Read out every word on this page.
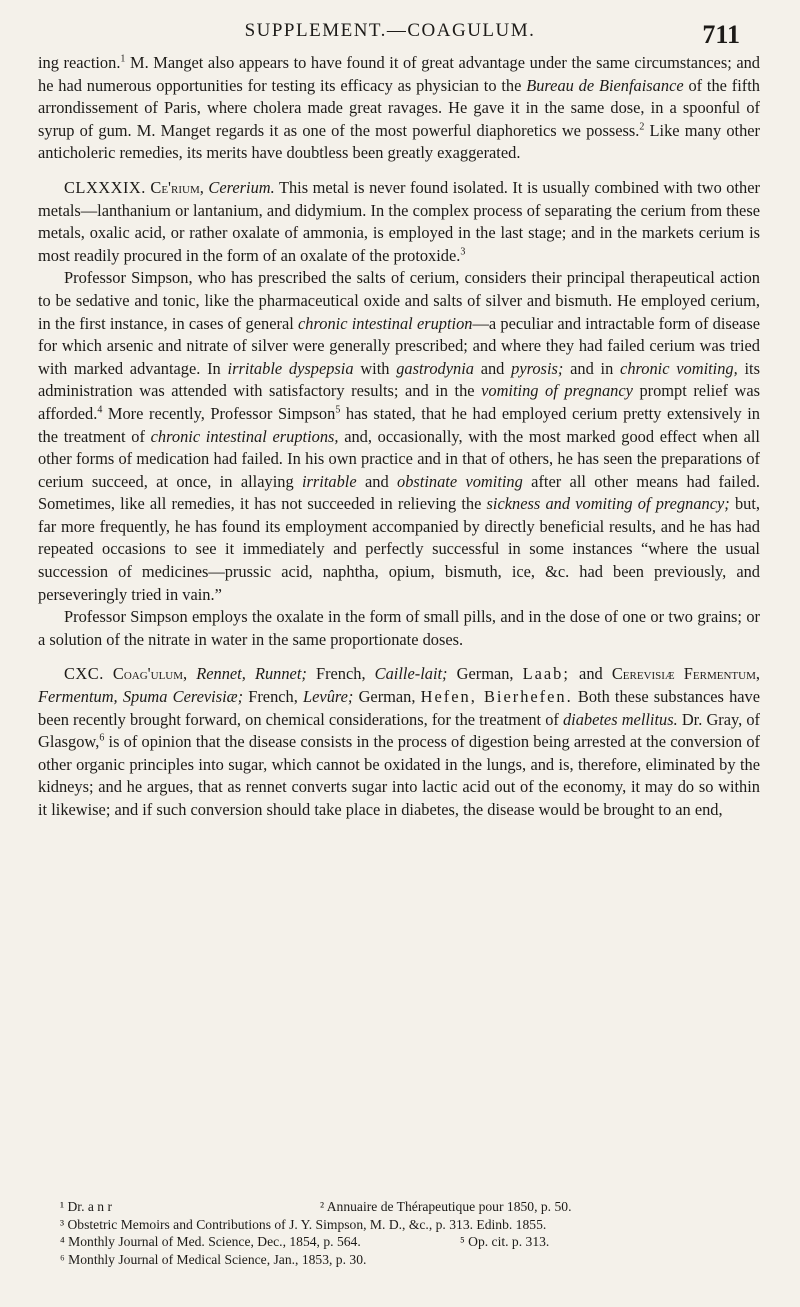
SUPPLEMENT.—COAGULUM.	711

ing reaction.$^1$ M. Manget also appears to have found it of great advantage under the same circumstances; and he had numerous opportunities for testing its efficacy as physician to the Bureau de Bienfaisance of the fifth arrondissement of Paris, where cholera made great ravages. He gave it in the same dose, in a spoonful of syrup of gum. M. Manget regards it as one of the most powerful diaphoretics we possess.$^2$ Like many other anticholeric remedies, its merits have doubtless been greatly exaggerated.

CLXXXIX. Ce'rium, Cererium. This metal is never found isolated. It is usually combined with two other metals—lanthanium or lantanium, and didymium. In the complex process of separating the cerium from these metals, oxalic acid, or rather oxalate of ammonia, is employed in the last stage; and in the markets cerium is most readily procured in the form of an oxalate of the protoxide.$^3$

Professor Simpson, who has prescribed the salts of cerium, considers their principal therapeutical action to be sedative and tonic, like the pharmaceutical oxide and salts of silver and bismuth. He employed cerium, in the first instance, in cases of general chronic intestinal eruption—a peculiar and intractable form of disease for which arsenic and nitrate of silver were generally prescribed; and where they had failed cerium was tried with marked advantage. In irritable dyspepsia with gastrodynia and pyrosis; and in chronic vomiting, its administration was attended with satisfactory results; and in the vomiting of pregnancy prompt relief was afforded.$^4$ More recently, Professor Simpson$^5$ has stated, that he had employed cerium pretty extensively in the treatment of chronic intestinal eruptions, and, occasionally, with the most marked good effect when all other forms of medication had failed. In his own practice and in that of others, he has seen the preparations of cerium succeed, at once, in allaying irritable and obstinate vomiting after all other means had failed. Sometimes, like all remedies, it has not succeeded in relieving the sickness and vomiting of pregnancy; but, far more frequently, he has found its employment accompanied by directly beneficial results, and he has had repeated occasions to see it immediately and perfectly successful in some instances “where the usual succession of medicines—prussic acid, naphtha, opium, bismuth, ice, &c. had been previously, and perseveringly tried in vain.”

Professor Simpson employs the oxalate in the form of small pills, and in the dose of one or two grains; or a solution of the nitrate in water in the same proportionate doses.

CXC. Coag'ulum, Rennet, Runnet; French, Caille-lait; German, Laab; and Cerevisiæ Fermentum, Fermentum, Spuma Cerevisiæ; French, Levûre; German, Hefen, Bierhefen. Both these substances have been recently brought forward, on chemical considerations, for the treatment of diabetes mellitus. Dr. Gray, of Glasgow,$^6$ is of opinion that the disease consists in the process of digestion being arrested at the conversion of other organic principles into sugar, which cannot be oxidated in the lungs, and is, therefore, eliminated by the kidneys; and he argues, that as rennet converts sugar into lactic acid out of the economy, it may do so within it likewise; and if such conversion should take place in diabetes, the disease would be brought to an end,

¹ Dr. a n r	² Annuaire de Thérapeutique pour 1850, p. 50.
³ Obstetric Memoirs and Contributions of J. Y. Simpson, M. D., &c., p. 313. Edinb. 1855.
⁴ Monthly Journal of Med. Science, Dec., 1854, p. 564.	⁵ Op. cit. p. 313.
⁶ Monthly Journal of Medical Science, Jan., 1853, p. 30.
